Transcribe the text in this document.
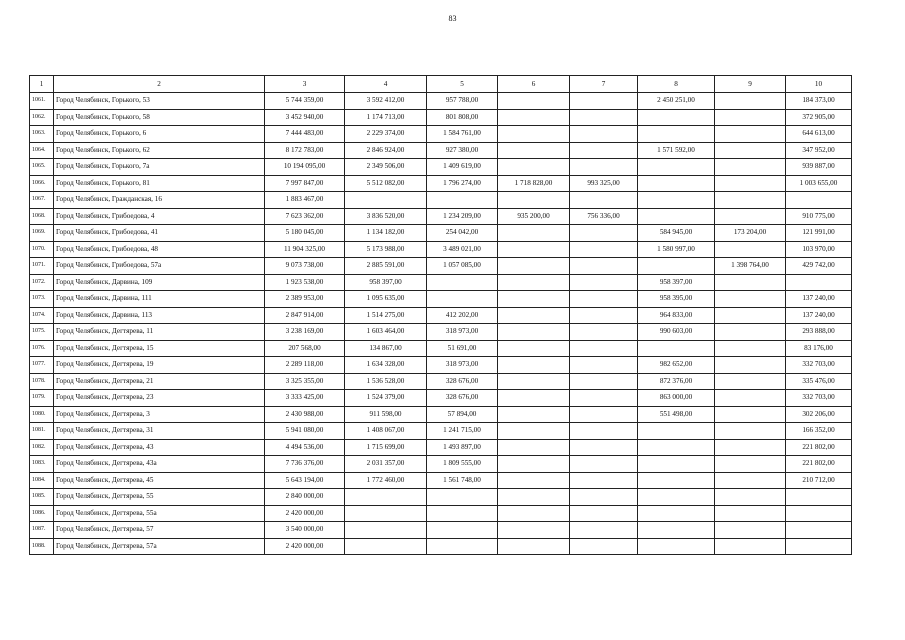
83
1	2	3	4	5	6	7	8	9	10
1061.	Город Челябинск, Горького, 53	5 744 359,00	3 592 412,00	957 788,00			2 450 251,00		184 373,00
1062.	Город Челябинск, Горького, 58	3 452 940,00	1 174 713,00	801 808,00					372 905,00
1063.	Город Челябинск, Горького, 6	7 444 483,00	2 229 374,00	1 584 761,00					644 613,00
1064.	Город Челябинск, Горького, 62	8 172 783,00	2 846 924,00	927 380,00			1 571 592,00		347 952,00
1065.	Город Челябинск, Горького, 7а	10 194 095,00	2 349 506,00	1 409 619,00					939 887,00
1066.	Город Челябинск, Горького, 81	7 997 847,00	5 512 082,00	1 796 274,00	1 718 828,00	993 325,00			1 003 655,00
1067.	Город Челябинск, Гражданская, 16	1 883 467,00							
1068.	Город Челябинск, Грибоедова, 4	7 623 362,00	3 836 520,00	1 234 209,00	935 200,00	756 336,00			910 775,00
1069.	Город Челябинск, Грибоедова, 41	5 180 045,00	1 134 182,00	254 042,00			584 945,00	173 204,00	121 991,00
1070.	Город Челябинск, Грибоедова, 48	11 904 325,00	5 173 988,00	3 489 021,00			1 580 997,00		103 970,00
1071.	Город Челябинск, Грибоедова, 57а	9 073 738,00	2 885 591,00	1 057 085,00				1 398 764,00	429 742,00
1072.	Город Челябинск, Дарвина, 109	1 923 538,00	958 397,00				958 397,00		
1073.	Город Челябинск, Дарвина, 111	2 389 953,00	1 095 635,00				958 395,00		137 240,00
1074.	Город Челябинск, Дарвина, 113	2 847 914,00	1 514 275,00	412 202,00			964 833,00		137 240,00
1075.	Город Челябинск, Дегтярева, 11	3 238 169,00	1 603 464,00	318 973,00			990 603,00		293 888,00
1076.	Город Челябинск, Дегтярева, 15	207 568,00	134 867,00	51 691,00					83 176,00
1077.	Город Челябинск, Дегтярева, 19	2 289 118,00	1 634 328,00	318 973,00			982 652,00		332 703,00
1078.	Город Челябинск, Дегтярева, 21	3 325 355,00	1 536 528,00	328 676,00			872 376,00		335 476,00
1079.	Город Челябинск, Дегтярева, 23	3 333 425,00	1 524 379,00	328 676,00			863 000,00		332 703,00
1080.	Город Челябинск, Дегтярева, 3	2 430 988,00	911 598,00	57 894,00			551 498,00		302 206,00
1081.	Город Челябинск, Дегтярева, 31	5 941 080,00	1 408 067,00	1 241 715,00					166 352,00
1082.	Город Челябинск, Дегтярева, 43	4 494 536,00	1 715 699,00	1 493 897,00					221 802,00
1083.	Город Челябинск, Дегтярева, 43а	7 736 376,00	2 031 357,00	1 809 555,00					221 802,00
1084.	Город Челябинск, Дегтярева, 45	5 643 194,00	1 772 460,00	1 561 748,00					210 712,00
1085.	Город Челябинск, Дегтярева, 55	2 840 000,00							
1086.	Город Челябинск, Дегтярева, 55а	2 420 000,00							
1087.	Город Челябинск, Дегтярева, 57	3 540 000,00							
1088.	Город Челябинск, Дегтярева, 57а	2 420 000,00							
